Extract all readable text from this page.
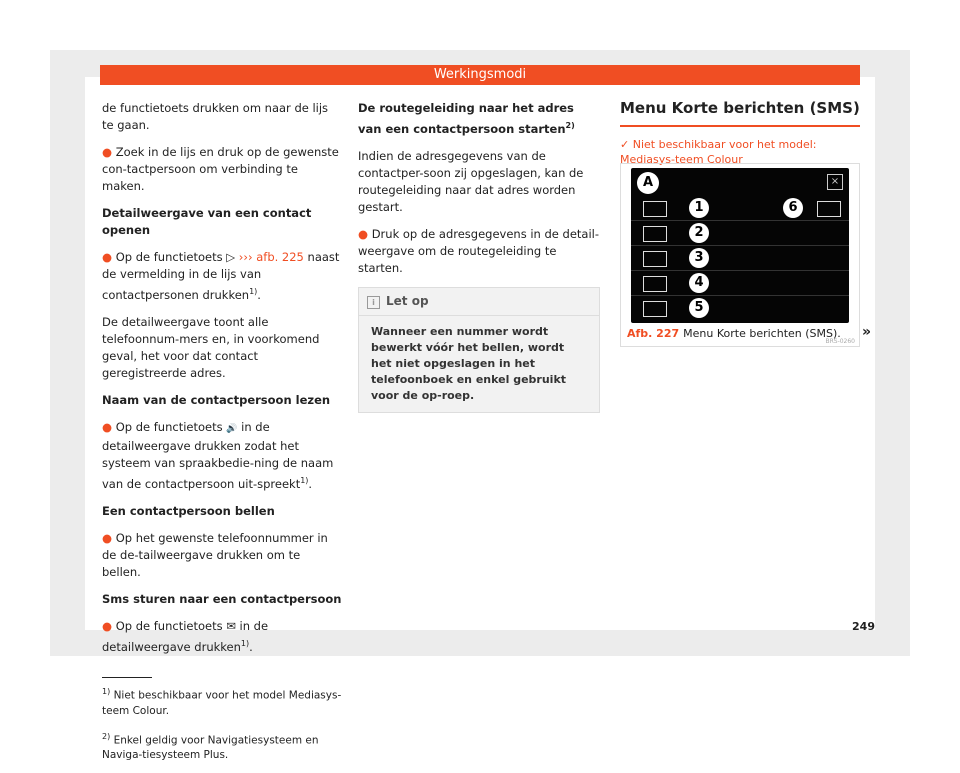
Werkingsmodi

de functietoets drukken om naar de lijs te gaan.

● Zoek in de lijs en druk op de gewenste con-tactpersoon om verbinding te maken.

Detailweergave van een contact openen

● Op de functietoets ▷ ››› afb. 225 naast de vermelding in de lijs van contactpersonen drukken$^{1)}$.

De detailweergave toont alle telefoonnum-mers en, in voorkomend geval, het voor dat contact geregistreerde adres.

Naam van de contactpersoon lezen

● Op de functietoets 🔊 in de detailweergave drukken zodat het systeem van spraakbedie-ning de naam van de contactpersoon uit-spreekt$^{1)}$.

Een contactpersoon bellen

● Op het gewenste telefoonnummer in de de-tailweergave drukken om te bellen.

Sms sturen naar een contactpersoon

● Op de functietoets ✉ in de detailweergave drukken$^{1)}$.

$^{1)}$ Niet beschikbaar voor het model Mediasys-teem Colour.

$^{2)}$ Enkel geldig voor Navigatiesysteem en Naviga-tiesysteem Plus.

De routegeleiding naar het adres van een contactpersoon starten$^{2)}$

Indien de adresgegevens van de contactper-soon zij opgeslagen, kan de routegeleiding naar dat adres worden gestart.

● Druk op de adresgegevens in de detail-weergave om de routegeleiding te starten.

i Let op
Wanneer een nummer wordt bewerkt vóór het bellen, wordt het niet opgeslagen in het telefoonboek en enkel gebruikt voor de op-roep.
Menu Korte berichten (SMS)
✓ Niet beschikbaar voor het model: Mediasys-teem Colour
A	×
1	6
2
3
4
5
BRS-0260
Afb. 227 Menu Korte berichten (SMS). »
249
